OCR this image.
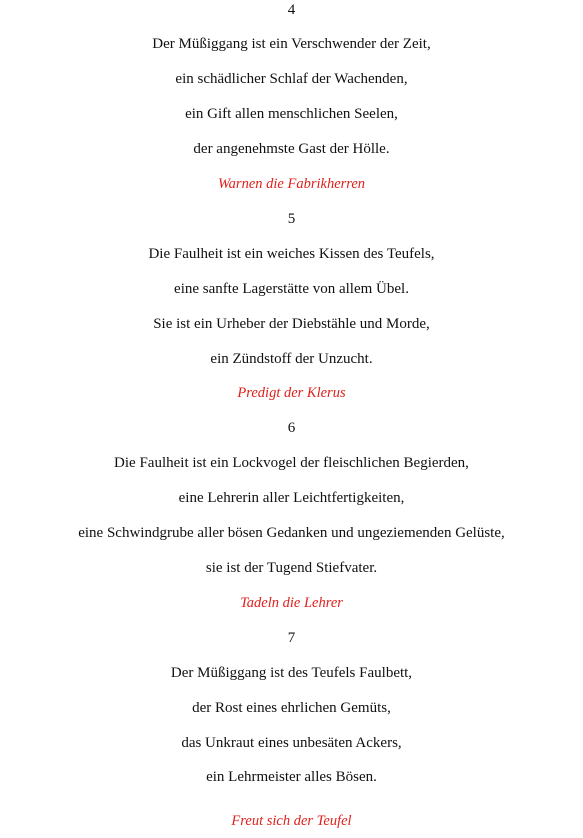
4
Der Müßiggang ist ein Verschwender der Zeit,
ein schädlicher Schlaf der Wachenden,
ein Gift allen menschlichen Seelen,
der angenehmste Gast der Hölle.
Warnen die Fabrikherren
5
Die Faulheit ist ein weiches Kissen des Teufels,
eine sanfte Lagerstätte von allem Übel.
Sie ist ein Urheber der Diebstähle und Morde,
ein Zündstoff der Unzucht.
Predigt der Klerus
6
Die Faulheit ist ein Lockvogel der fleischlichen Begierden,
eine Lehrerin aller Leichtfertigkeiten,
eine Schwindgrube aller bösen Gedanken und ungeziemenden Gelüste,
sie ist der Tugend Stiefvater.
Tadeln die Lehrer
7
Der Müßiggang ist des Teufels Faulbett,
der Rost eines ehrlichen Gemüts,
das Unkraut eines unbesäten Ackers,
ein Lehrmeister alles Bösen.
Freut sich der Teufel
